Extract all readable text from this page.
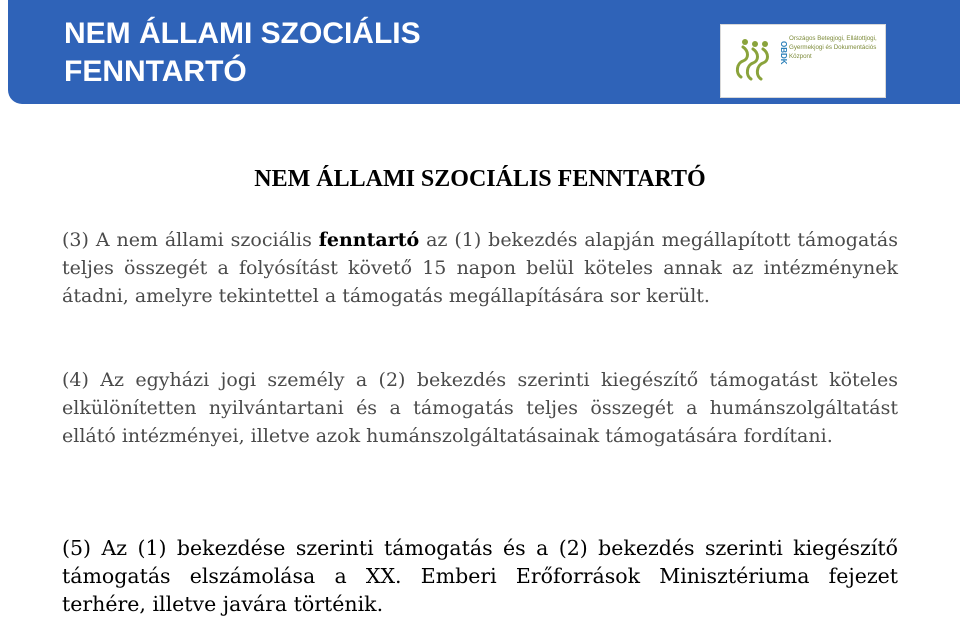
NEM ÁLLAMI SZOCIÁLIS
FENNTARTÓ
OBDK
Országos Betegjogi, Ellátottjogi, Gyermekjogi és Dokumentációs Központ
NEM ÁLLAMI SZOCIÁLIS FENNTARTÓ
(3) A nem állami szociális fenntartó az (1) bekezdés alapján megállapított támogatás teljes összegét a folyósítást követő 15 napon belül köteles annak az intézménynek átadni, amelyre tekintettel a támogatás megállapítására sor került.
(4) Az egyházi jogi személy a (2) bekezdés szerinti kiegészítő támogatást köteles elkülönítetten nyilvántartani és a támogatás teljes összegét a humánszolgáltatást ellátó intézményei, illetve azok humánszolgáltatásainak támogatására fordítani.
(5) Az (1) bekezdése szerinti támogatás és a (2) bekezdés szerinti kiegészítő támogatás elszámolása a XX. Emberi Erőforrások Minisztériuma fejezet terhére, illetve javára történik.
